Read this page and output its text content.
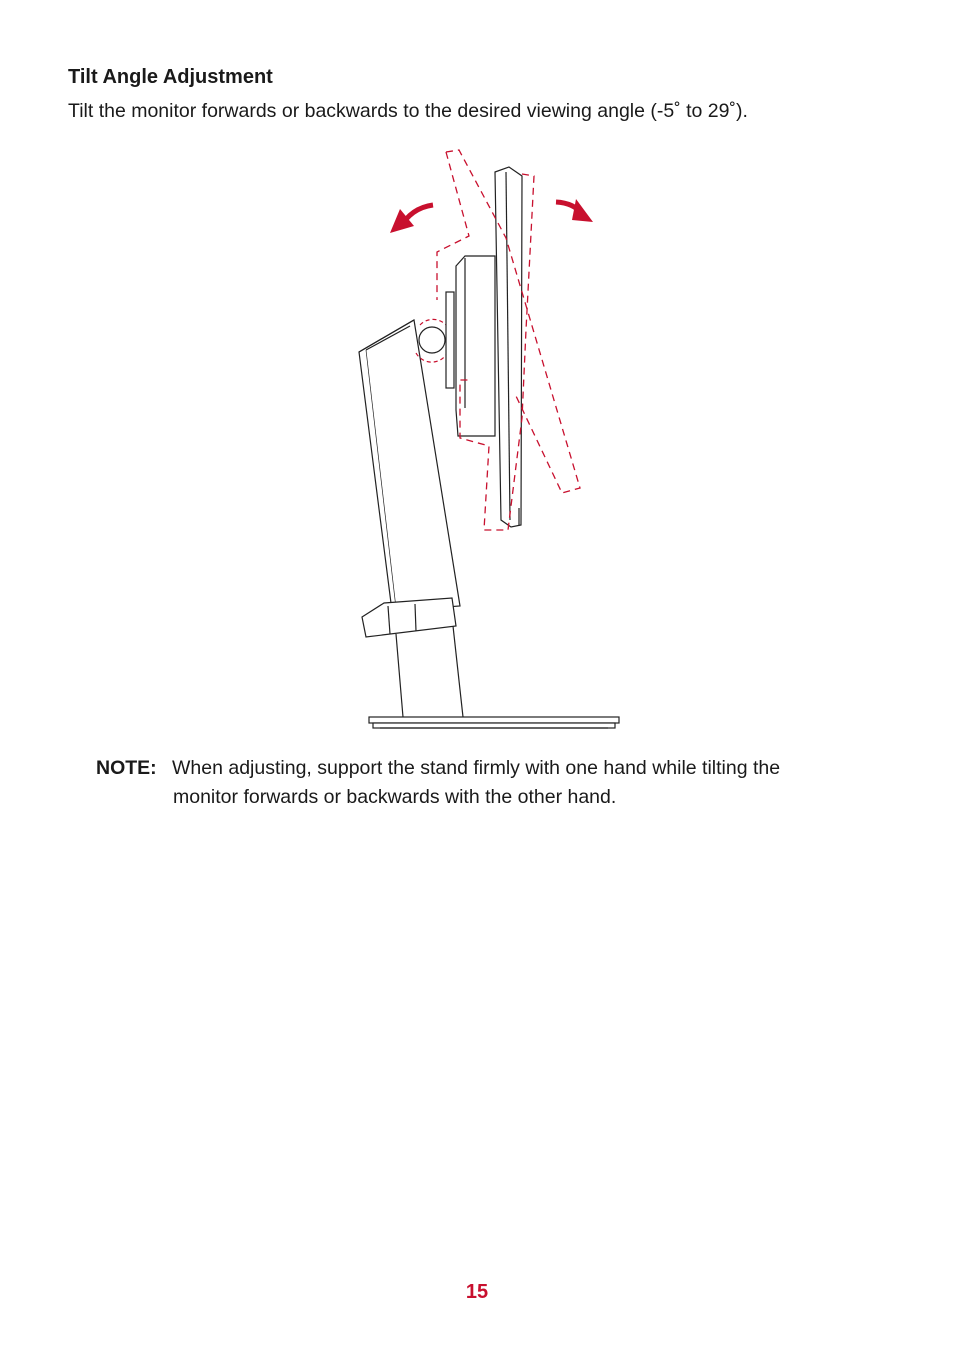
Tilt Angle Adjustment
Tilt the monitor forwards or backwards to the desired viewing angle (-5˚ to 29˚).
NOTE: When adjusting, support the stand firmly with one hand while tilting the
monitor forwards or backwards with the other hand.
15
